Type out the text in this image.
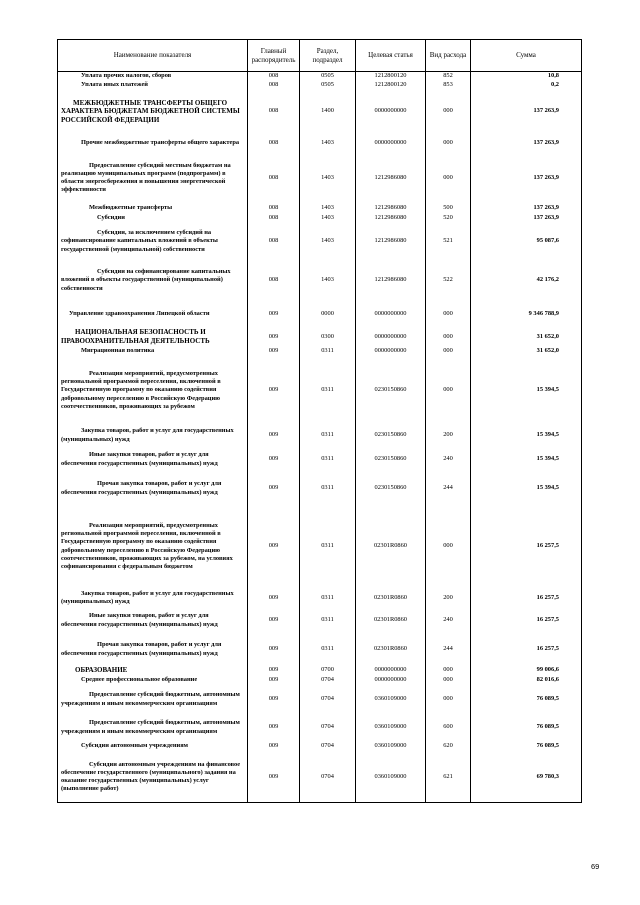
Наименование показателя	Главный распорядитель	Раздел, подраздел	Целевая статья	Вид расхода	Сумма
Уплата прочих налогов, сборов	008	0505	1212800120	852	10,8
Уплата иных платежей	008	0505	1212800120	853	0,2
МЕЖБЮДЖЕТНЫЕ ТРАНСФЕРТЫ ОБЩЕГО ХАРАКТЕРА БЮДЖЕТАМ БЮДЖЕТНОЙ СИСТЕМЫ РОССИЙСКОЙ ФЕДЕРАЦИИ	008	1400	0000000000	000	137 263,9
Прочие межбюджетные трансферты общего характера	008	1403	0000000000	000	137 263,9
Предоставление субсидий местным бюджетам на реализацию муниципальных программ (подпрограмм) в области энергосбережения и повышения энергетической эффективности	008	1403	1212986080	000	137 263,9
Межбюджетные трансферты	008	1403	1212986080	500	137 263,9
Субсидии	008	1403	1212986080	520	137 263,9
Субсидии, за исключением субсидий на софинансирование капитальных вложений в объекты государственной (муниципальной) собственности	008	1403	1212986080	521	95 087,6
Субсидии на софинансирование капитальных вложений в объекты государственной (муниципальной) собственности	008	1403	1212986080	522	42 176,2
Управление здравоохранения Липецкой области	009	0000	0000000000	000	9 346 788,9
НАЦИОНАЛЬНАЯ БЕЗОПАСНОСТЬ И ПРАВООХРАНИТЕЛЬНАЯ ДЕЯТЕЛЬНОСТЬ	009	0300	0000000000	000	31 652,0
Миграционная политика	009	0311	0000000000	000	31 652,0
Реализация мероприятий, предусмотренных региональной программой переселения, включенной в Государственную программу по оказанию содействия добровольному переселению в Российскую Федерацию соотечественников, проживающих за рубежом	009	0311	0230150860	000	15 394,5
Закупка товаров, работ и услуг для государственных (муниципальных) нужд	009	0311	0230150860	200	15 394,5
Иные закупки товаров, работ и услуг для обеспечения государственных (муниципальных) нужд	009	0311	0230150860	240	15 394,5
Прочая закупка товаров, работ и услуг для обеспечения государственных (муниципальных) нужд	009	0311	0230150860	244	15 394,5
Реализация мероприятий, предусмотренных региональной программой переселения, включенной в Государственную программу по оказанию содействия добровольному переселению в Российскую Федерацию соотечественников, проживающих за рубежом, на условиях софинансирования с федеральным бюджетом	009	0311	02301R0860	000	16 257,5
Закупка товаров, работ и услуг для государственных (муниципальных) нужд	009	0311	02301R0860	200	16 257,5
Иные закупки товаров, работ и услуг для обеспечения государственных (муниципальных) нужд	009	0311	02301R0860	240	16 257,5
Прочая закупка товаров, работ и услуг для обеспечения государственных (муниципальных) нужд	009	0311	02301R0860	244	16 257,5
ОБРАЗОВАНИЕ	009	0700	0000000000	000	99 006,6
Среднее профессиональное образование	009	0704	0000000000	000	82 016,6
Предоставление субсидий бюджетным, автономным учреждениям и иным некоммерческим организациям	009	0704	0360109000	000	76 089,5
Предоставление субсидий бюджетным, автономным учреждениям и иным некоммерческим организациям	009	0704	0360109000	600	76 089,5
Субсидии автономным учреждениям	009	0704	0360109000	620	76 089,5
Субсидии автономным учреждениям на финансовое обеспечение государственного (муниципального) задания на оказание государственных (муниципальных) услуг (выполнение работ)	009	0704	0360109000	621	69 780,3
69
